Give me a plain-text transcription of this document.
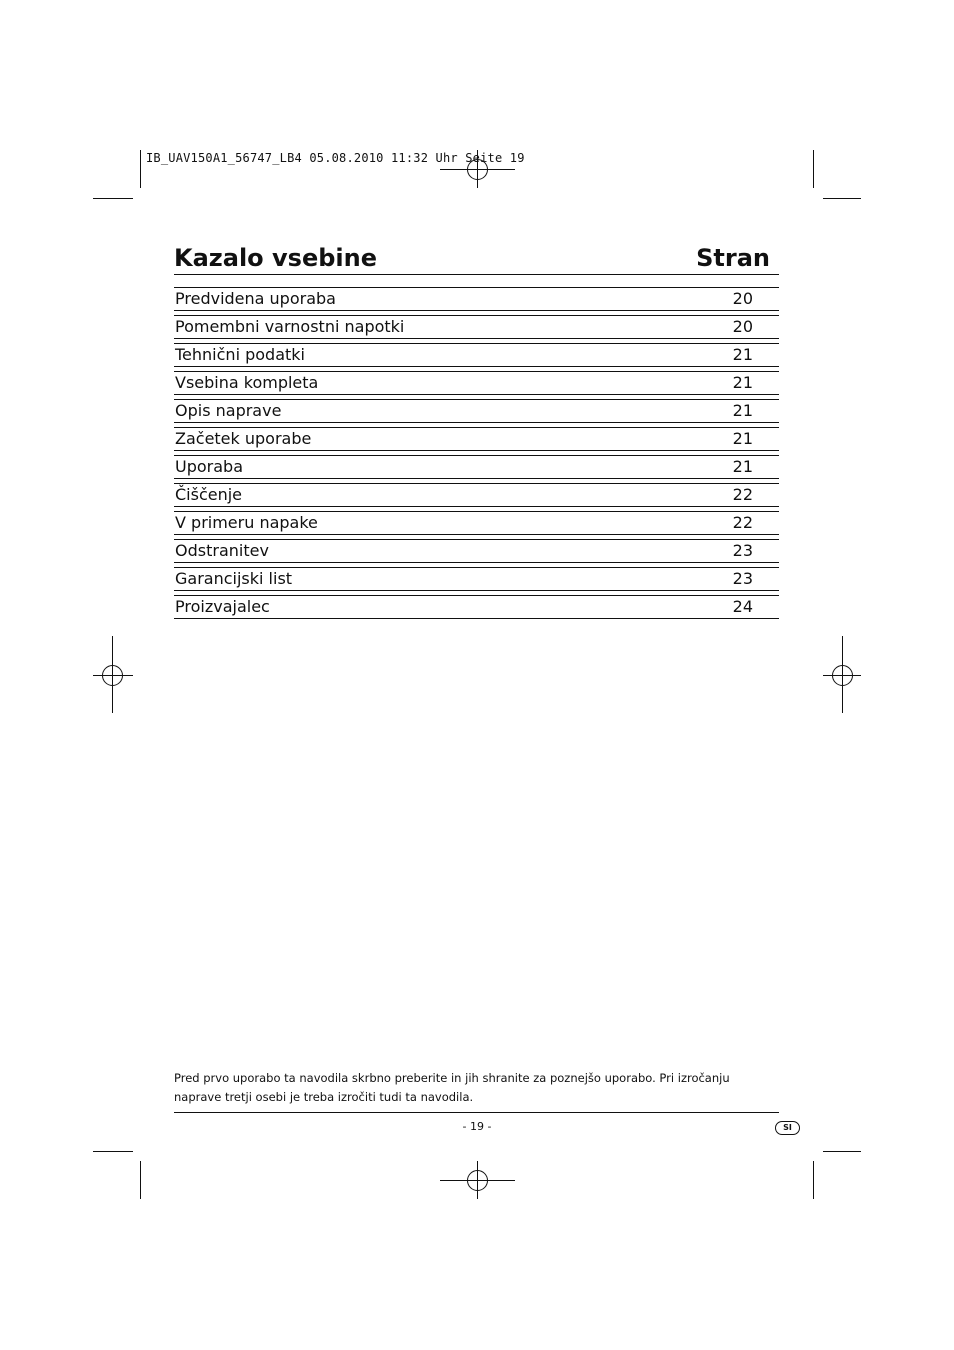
IB_UAV150A1_56747_LB4 05.08.2010 11:32 Uhr Seite 19
Kazalo vsebine	Stran
Predvidena uporaba	20
Pomembni varnostni napotki	20
Tehnični podatki	21
Vsebina kompleta	21
Opis naprave	21
Začetek uporabe	21
Uporaba	21
Čiščenje	22
V primeru napake	22
Odstranitev	23
Garancijski list	23
Proizvajalec	24
Pred prvo uporabo ta navodila skrbno preberite in jih shranite za poznejšo uporabo. Pri izročanju naprave tretji osebi je treba izročiti tudi ta navodila.
- 19 -	SI
